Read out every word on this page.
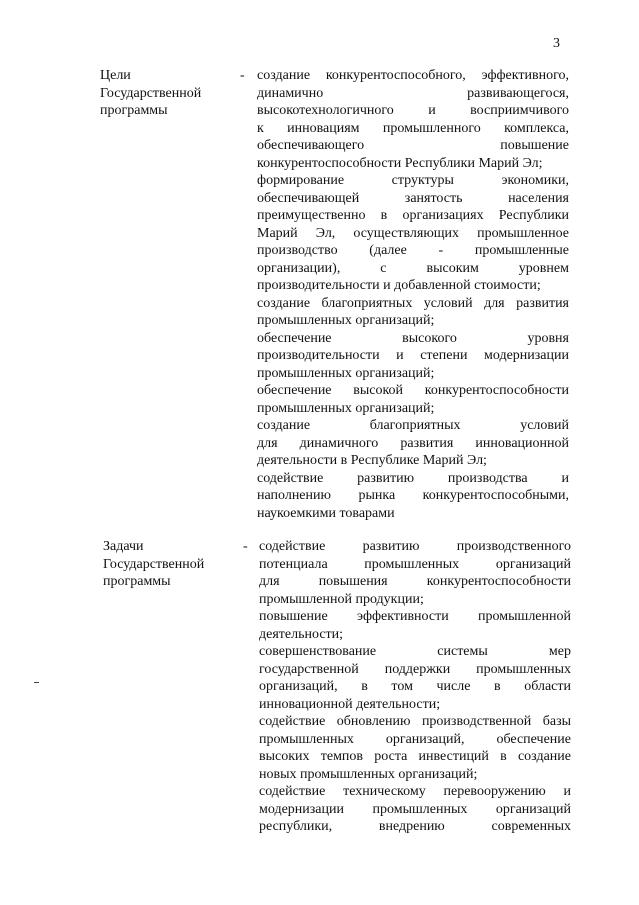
3
Цели
Государственной
программы
- создание конкурентоспособного, эффективного,
динамично развивающегося,
высокотехнологичного и восприимчивого
к инновациям промышленного комплекса,
обеспечивающего повышение
конкурентоспособности Республики Марий Эл;
формирование структуры экономики,
обеспечивающей занятость населения
преимущественно в организациях Республики
Марий Эл, осуществляющих промышленное
производство (далее - промышленные
организации), с высоким уровнем
производительности и добавленной стоимости;
создание благоприятных условий для развития
промышленных организаций;
обеспечение высокого уровня
производительности и степени модернизации
промышленных организаций;
обеспечение высокой конкурентоспособности
промышленных организаций;
создание благоприятных условий
для динамичного развития инновационной
деятельности в Республике Марий Эл;
содействие развитию производства и
наполнению рынка конкурентоспособными,
наукоемкими товарами
Задачи
Государственной
программы
- содействие развитию производственного
потенциала промышленных организаций
для повышения конкурентоспособности
промышленной продукции;
повышение эффективности промышленной
деятельности;
совершенствование системы мер
государственной поддержки промышленных
организаций, в том числе в области
инновационной деятельности;
содействие обновлению производственной базы
промышленных организаций, обеспечение
высоких темпов роста инвестиций в создание
новых промышленных организаций;
содействие техническому перевооружению и
модернизации промышленных организаций
республики, внедрению современных
